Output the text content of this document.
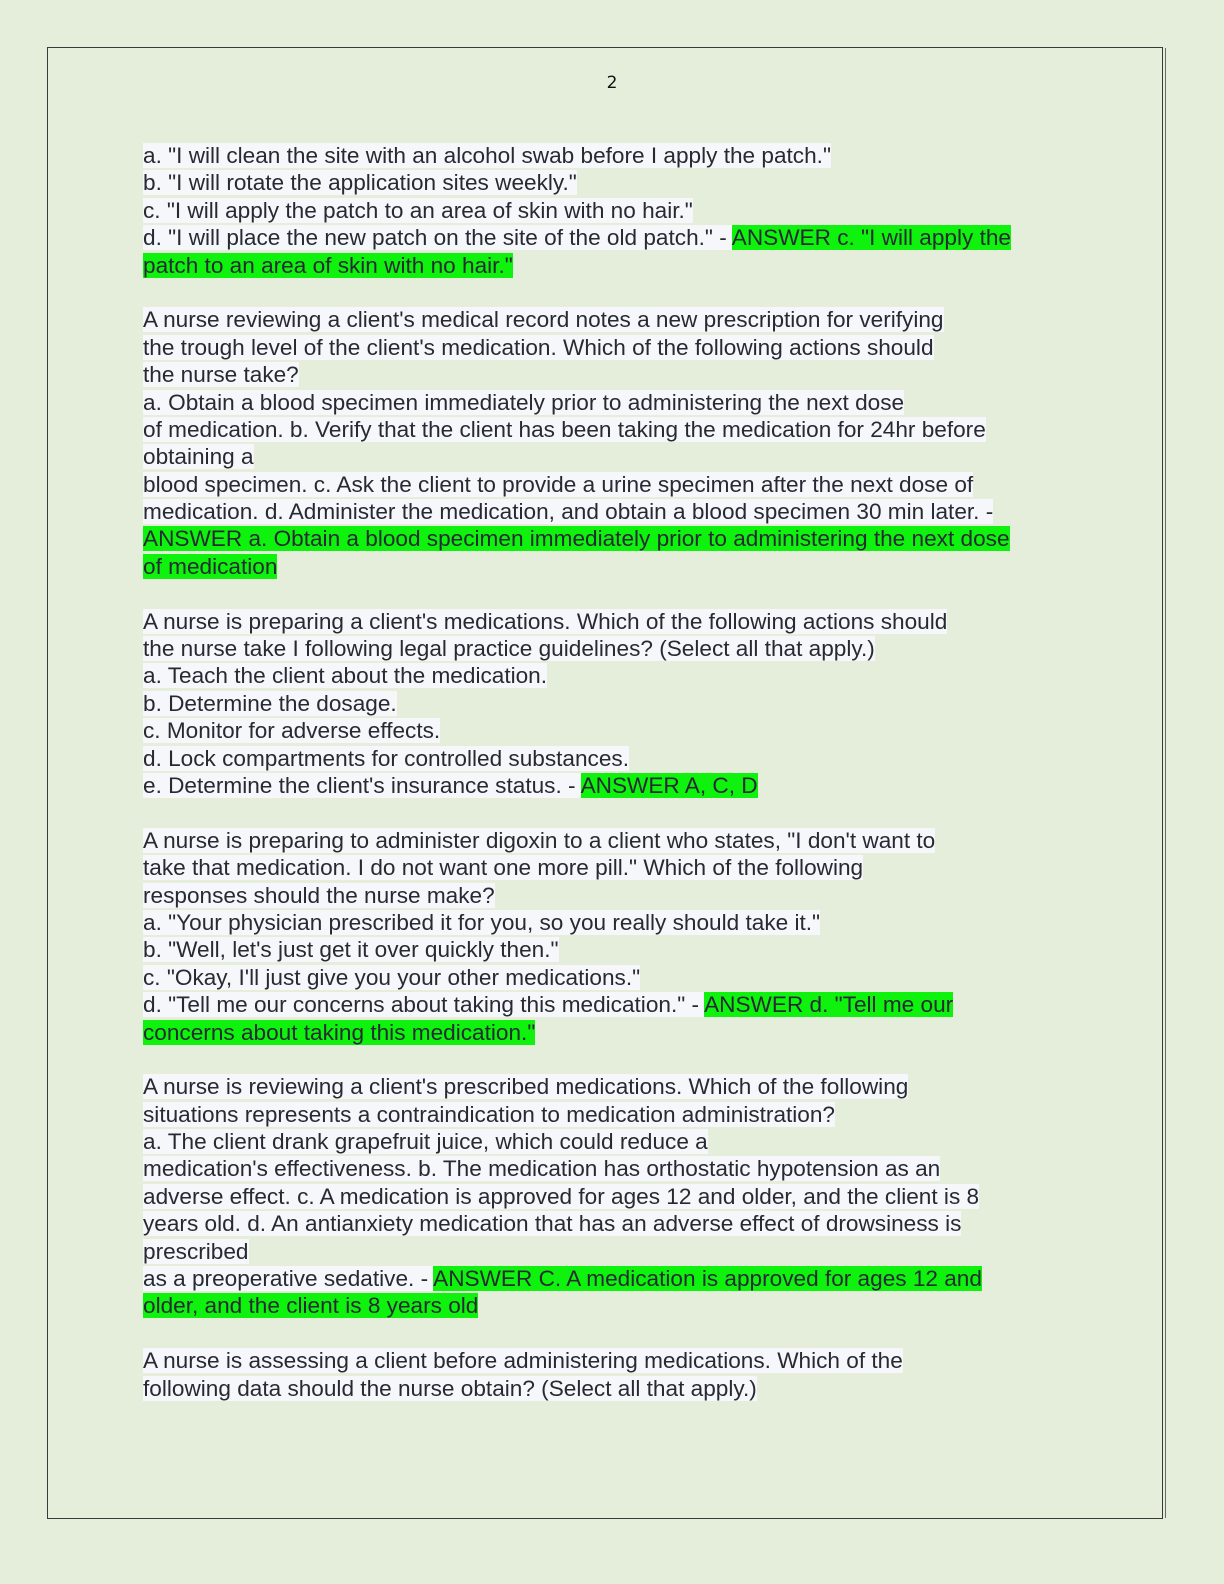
2
a. "I will clean the site with an alcohol swab before I apply the patch."
b. "I will rotate the application sites weekly."
c. "I will apply the patch to an area of skin with no hair."
d. "I will place the new patch on the site of the old patch." - ANSWER c. "I will apply the
patch to an area of skin with no hair."
A nurse reviewing a client's medical record notes a new prescription for verifying
the trough level of the client's medication. Which of the following actions should
the nurse take?
a. Obtain a blood specimen immediately prior to administering the next dose
of medication. b. Verify that the client has been taking the medication for 24hr before
obtaining a
blood specimen. c. Ask the client to provide a urine specimen after the next dose of
medication. d. Administer the medication, and obtain a blood specimen 30 min later. -
ANSWER a. Obtain a blood specimen immediately prior to administering the next dose
of medication
A nurse is preparing a client's medications. Which of the following actions should
the nurse take I following legal practice guidelines? (Select all that apply.)
a. Teach the client about the medication.
b. Determine the dosage.
c. Monitor for adverse effects.
d. Lock compartments for controlled substances.
e. Determine the client's insurance status. - ANSWER A, C, D
A nurse is preparing to administer digoxin to a client who states, "I don't want to
take that medication. I do not want one more pill." Which of the following
responses should the nurse make?
a. "Your physician prescribed it for you, so you really should take it."
b. "Well, let's just get it over quickly then."
c. "Okay, I'll just give you your other medications."
d. "Tell me our concerns about taking this medication." - ANSWER d. "Tell me our
concerns about taking this medication."
A nurse is reviewing a client's prescribed medications. Which of the following
situations represents a contraindication to medication administration?
a. The client drank grapefruit juice, which could reduce a
medication's effectiveness. b. The medication has orthostatic hypotension as an
adverse effect. c. A medication is approved for ages 12 and older, and the client is 8
years old. d. An antianxiety medication that has an adverse effect of drowsiness is
prescribed
as a preoperative sedative. - ANSWER C. A medication is approved for ages 12 and
older, and the client is 8 years old
A nurse is assessing a client before administering medications. Which of the
following data should the nurse obtain? (Select all that apply.)
